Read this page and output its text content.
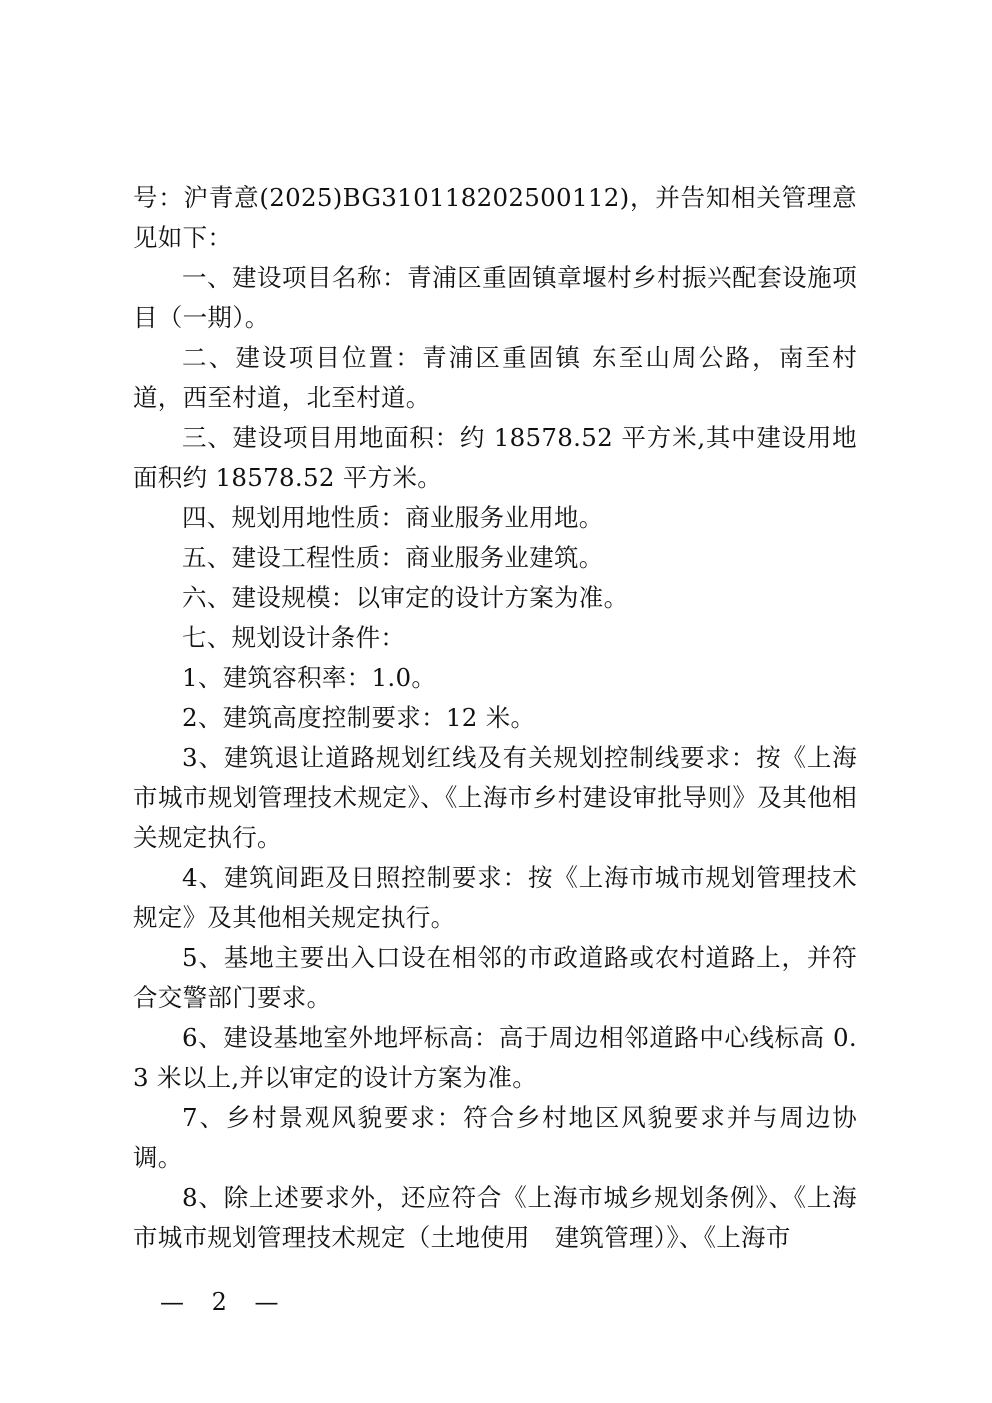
号：沪青意(2025)BG310118202500112)，并告知相关管理意见如下：

一、建设项目名称：青浦区重固镇章堰村乡村振兴配套设施项目（一期）。

二、建设项目位置：青浦区重固镇 东至山周公路，南至村道，西至村道，北至村道。

三、建设项目用地面积：约 18578.52 平方米,其中建设用地面积约 18578.52 平方米。

四、规划用地性质：商业服务业用地。

五、建设工程性质：商业服务业建筑。

六、建设规模：以审定的设计方案为准。

七、规划设计条件：

1、建筑容积率：1.0。

2、建筑高度控制要求：12 米。

3、建筑退让道路规划红线及有关规划控制线要求：按《上海市城市规划管理技术规定》、《上海市乡村建设审批导则》及其他相关规定执行。

4、建筑间距及日照控制要求：按《上海市城市规划管理技术规定》及其他相关规定执行。

5、基地主要出入口设在相邻的市政道路或农村道路上，并符合交警部门要求。

6、建设基地室外地坪标高：高于周边相邻道路中心线标高 0.3 米以上,并以审定的设计方案为准。

7、乡村景观风貌要求：符合乡村地区风貌要求并与周边协调。

8、除上述要求外，还应符合《上海市城乡规划条例》、《上海市城市规划管理技术规定（土地使用　建筑管理）》、《上海市

— 2 —
